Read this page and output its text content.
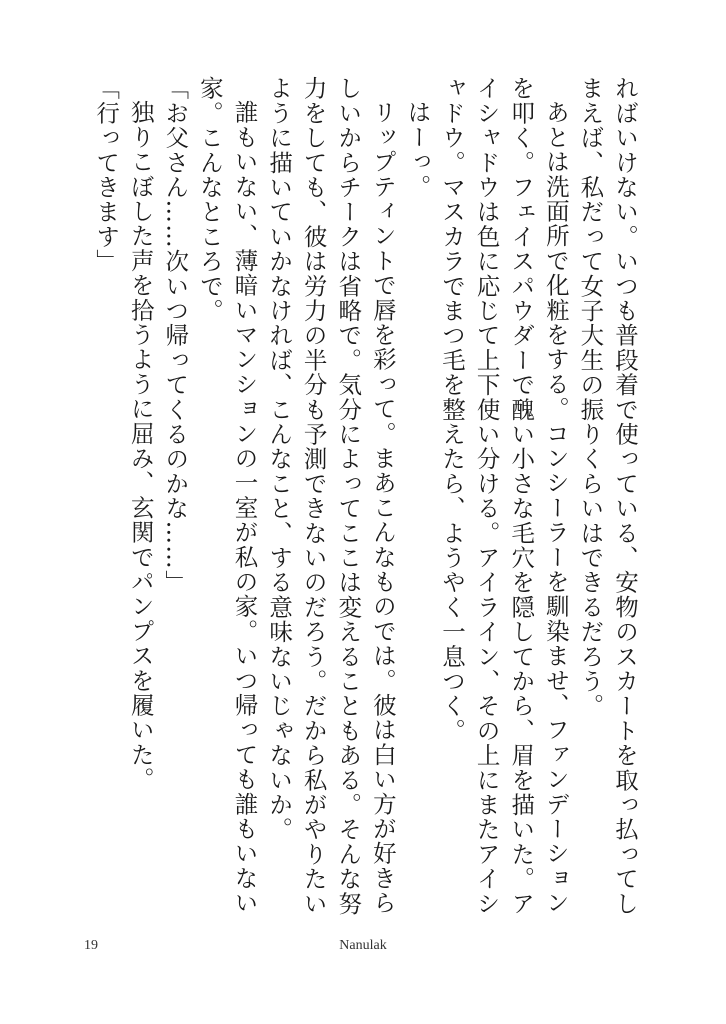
ればいけない。いつも普段着で使っている、安物のスカートを取っ払ってしまえば、私だって女子大生の振りくらいはできるだろう。

あとは洗面所で化粧をする。コンシーラーを馴染ませ、ファンデーションを叩く。フェイスパウダーで醜い小さな毛穴を隠してから、眉を描いた。アイシャドウは色に応じて上下使い分ける。アイライン、その上にまたアイシャドウ。マスカラでまつ毛を整えたら、ようやく一息つく。

はーっ。

リップティントで唇を彩って。まあこんなものでは。彼は白い方が好きらしいからチークは省略で。気分によってここは変えることもある。そんな努力をしても、彼は労力の半分も予測できないのだろう。だから私がやりたいように描いていかなければ、こんなこと、する意味ないじゃないか。

誰もいない、薄暗いマンションの一室が私の家。いつ帰っても誰もいない家。こんなところで。

「お父さん……次いつ帰ってくるのかな……」

独りこぼした声を拾うように屈み、玄関でパンプスを履いた。

「行ってきます」

Nanulak
19
